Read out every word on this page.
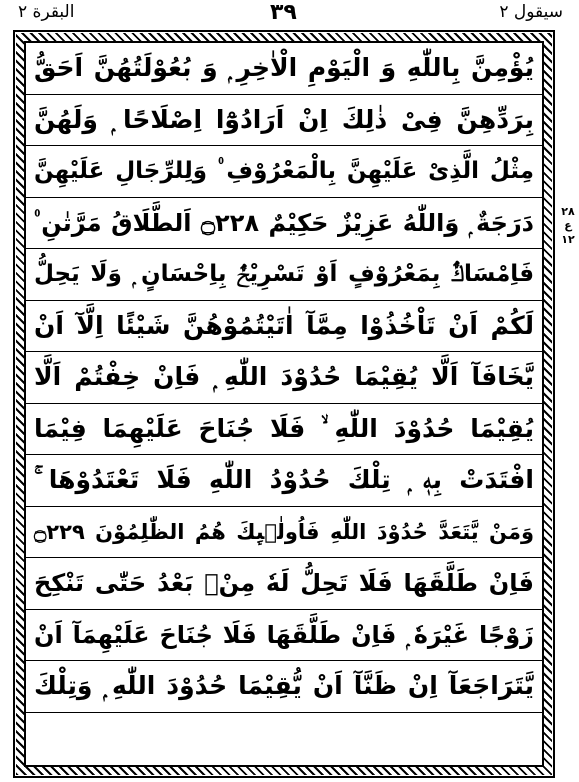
البقرة ٢	٣٩	سيقول ٢
٢٨
ع
١٢
يُؤْمِنَّ بِاللّٰهِ وَ الْيَوْمِ الْاٰخِرِ ۭ وَ بُعُوْلَتُهُنَّ اَحَقُّ
بِرَدِّهِنَّ فِیْ ذٰلِكَ اِنْ اَرَادُوْٓا اِصْلَاحًا ۭ وَلَهُنَّ
مِثْلُ الَّذِیْ عَلَیْهِنَّ بِالْمَعْرُوْفِ ۠ وَلِلرِّجَالِ عَلَیْهِنَّ
دَرَجَةٌ ۭ وَاللّٰهُ عَزِیْزٌ حَكِیْمٌ ۝٢٢٨ اَلطَّلَاقُ مَرَّتٰنِ ۠
فَاِمْسَاكٌۢ بِمَعْرُوْفٍ اَوْ تَسْرِیْحٌۢ بِاِحْسَانٍ ۭ وَلَا یَحِلُّ
لَكُمْ اَنْ تَاْخُذُوْا مِمَّآ اٰتَیْتُمُوْهُنَّ شَیْئًا اِلَّآ اَنْ
یَّخَافَآ اَلَّا یُقِیْمَا حُدُوْدَ اللّٰهِ ۭ فَاِنْ خِفْتُمْ اَلَّا
یُقِیْمَا حُدُوْدَ اللّٰهِ ۙ فَلَا جُنَاحَ عَلَیْهِمَا فِیْمَا
افْتَدَتْ بِهٖ ۭ تِلْكَ حُدُوْدُ اللّٰهِ فَلَا تَعْتَدُوْهَا ۚ
وَمَنْ یَّتَعَدَّ حُدُوْدَ اللّٰهِ فَاُولٰۗىِٕكَ هُمُ الظّٰلِمُوْنَ ۝٢٢٩
فَاِنْ طَلَّقَهَا فَلَا تَحِلُّ لَهٗ مِنْۢ بَعْدُ حَتّٰى تَنْكِحَ
زَوْجًا غَیْرَهٗ ۭ فَاِنْ طَلَّقَهَا فَلَا جُنَاحَ عَلَیْهِمَآ اَنْ
یَّتَرَاجَعَآ اِنْ ظَنَّآ اَنْ یُّقِیْمَا حُدُوْدَ اللّٰهِ ۭ وَتِلْكَ
